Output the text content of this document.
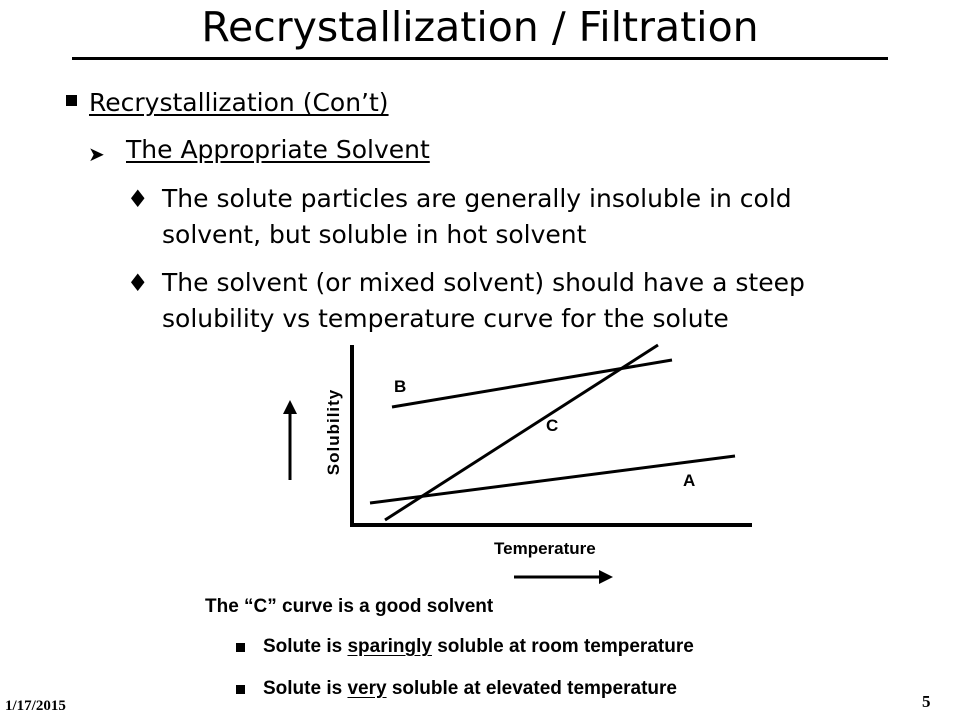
Recrystallization / Filtration
Recrystallization (Con’t)
➤ The Appropriate Solvent
♦ The solute particles are generally insoluble in cold
solvent, but soluble in hot solvent
♦ The solvent (or mixed solvent) should have a steep
solubility vs temperature curve for the solute
Solubility
B
C
A
Temperature
The “C” curve is a good solvent
Solute is sparingly soluble at room temperature
Solute is very soluble at elevated temperature
1/17/2015	5
